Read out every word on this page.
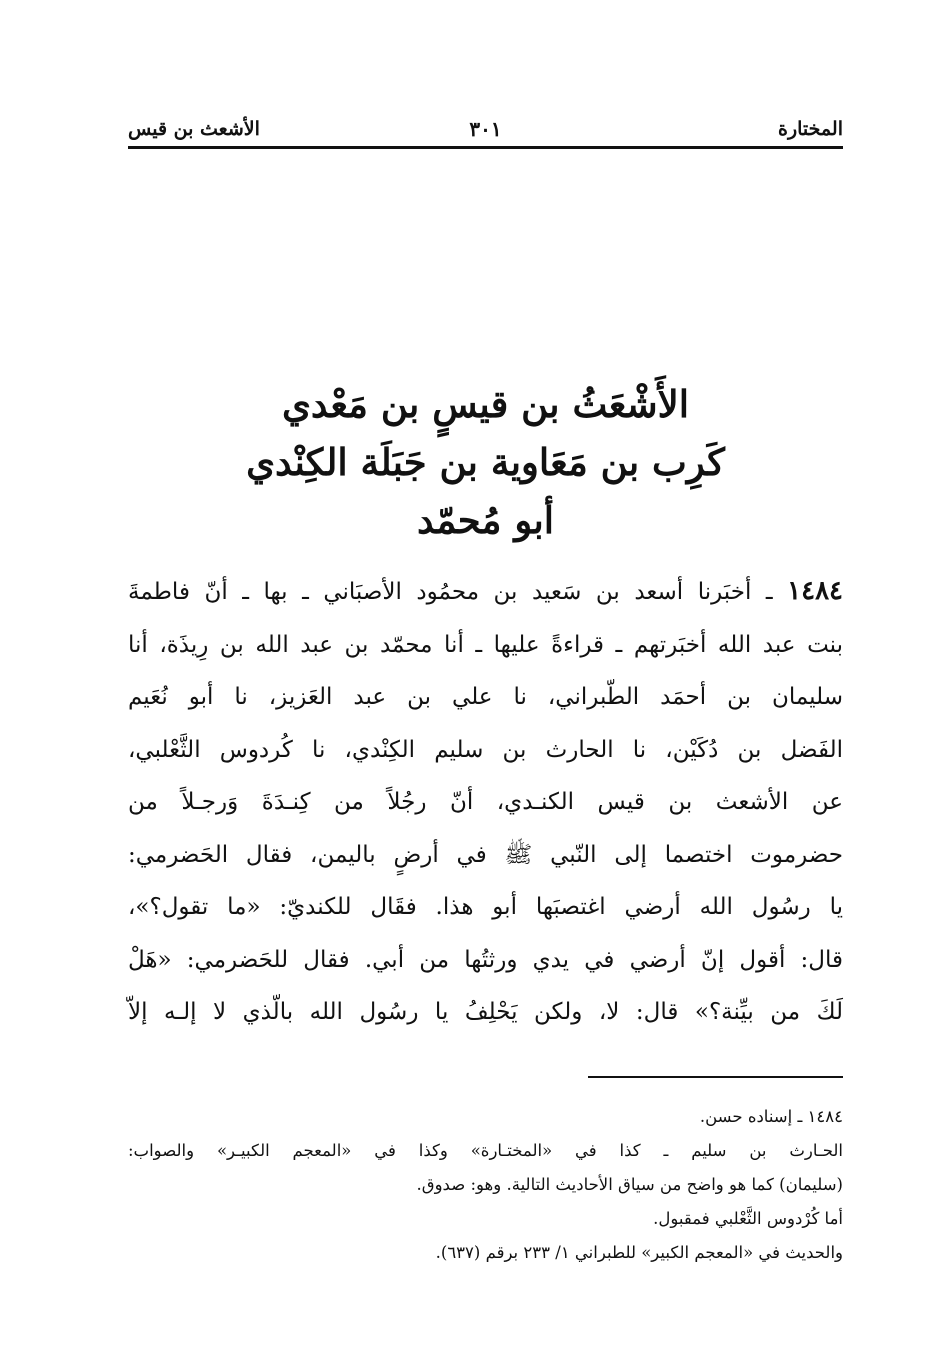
المختارة
٣٠١
الأشعث بن قيس
الأَشْعَثُ بن قيسٍ بن مَعْدي
كَرِب بن مَعَاوية بن جَبَلَة الكِنْدي
أبو مُحمّد
١٤٨٤ ـ أخبَرنا أسعد بن سَعيد بن محمُود الأصبَاني ـ بها ـ أنّ فاطمةَ
بنت عبد الله أخبَرتهم ـ قراءةً عليها ـ أنا محمّد بن عبد الله بن رِيذَة، أنا
سليمان بن أحمَد الطّبراني، نا علي بن عبد العَزيز، نا أبو نُعَيم
الفَضل بن دُكَيْن، نا الحارث بن سليم الكِنْدي، نا كُردوس الثَّعْلبي،
عن الأشعث بن قيس الكنـدي، أنّ رجُلاً من كِنـدَةَ وَرجـلاً من
حضرموت اختصما إلى النّبي ﷺ في أرضٍ باليمن، فقال الحَضرمي:
يا رسُول الله أرضي اغتصبَها أبو هذا. فقَال للكنديّ: «ما تقول؟»،
قال: أقول إنّ أرضي في يدي ورثتُها من أبي. فقال للحَضرمي: «هَلْ
لَكَ من بيِّنة؟» قال: لا، ولكن يَحْلِفُ يا رسُول الله بالّذي لا إلـه إلاّ
١٤٨٤ ـ إسناده حسن.
الحـارث بن سليم ـ كذا في «المختـارة» وكذا في «المعجم الكبيـر» والصواب:
(سليمان) كما هو واضح من سياق الأحاديث التالية. وهو: صدوق.
أما كُرْدوس الثَّعْلبي فمقبول.
والحديث في «المعجم الكبير» للطبراني ١/ ٢٣٣ برقم (٦٣٧).
